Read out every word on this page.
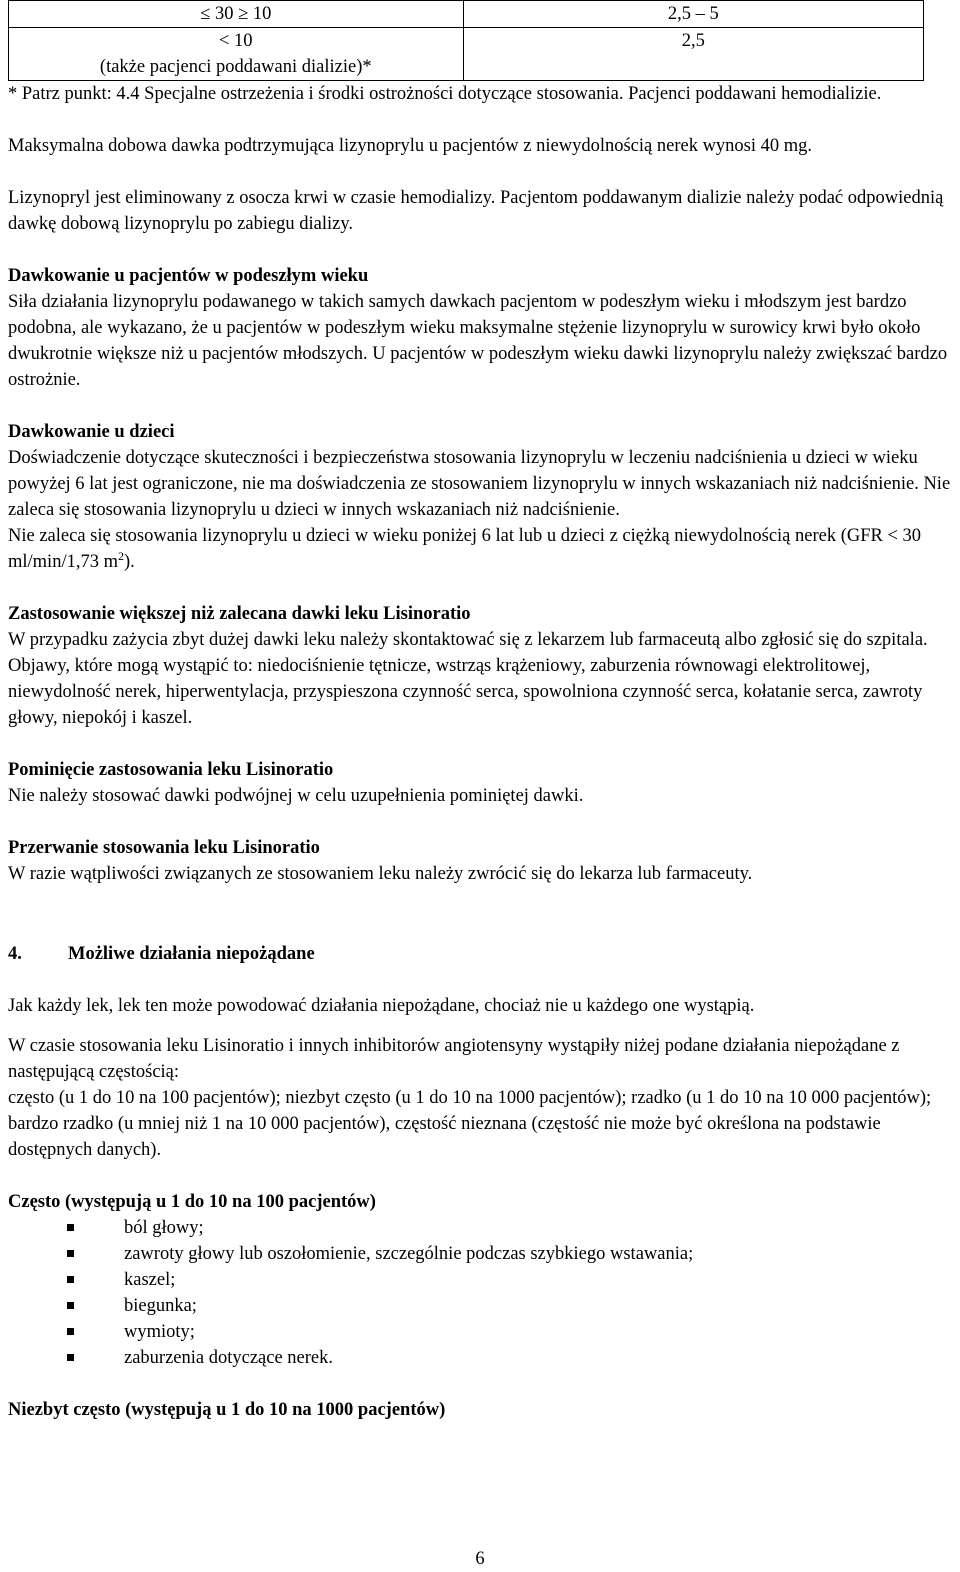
≤ 30 ≥ 10	2,5 – 5
< 10	2,5
(także pacjenci poddawani dializie)*	

* Patrz punkt: 4.4 Specjalne ostrzeżenia i środki ostrożności dotyczące stosowania. Pacjenci poddawani hemodializie.

Maksymalna dobowa dawka podtrzymująca lizynoprylu u pacjentów z niewydolnością nerek wynosi 40 mg.

Lizynopryl jest eliminowany z osocza krwi w czasie hemodializy. Pacjentom poddawanym dializie należy podać odpowiednią dawkę dobową lizynoprylu po zabiegu dializy.

Dawkowanie u pacjentów w podeszłym wieku

Siła działania lizynoprylu podawanego w takich samych dawkach pacjentom w podeszłym wieku i młodszym jest bardzo podobna, ale wykazano, że u pacjentów w podeszłym wieku maksymalne stężenie lizynoprylu w surowicy krwi było około dwukrotnie większe niż u pacjentów młodszych. U pacjentów w podeszłym wieku dawki lizynoprylu należy zwiększać bardzo ostrożnie.

Dawkowanie u dzieci

Doświadczenie dotyczące skuteczności i bezpieczeństwa stosowania lizynoprylu w leczeniu nadciśnienia u dzieci w wieku powyżej 6 lat jest ograniczone, nie ma doświadczenia ze stosowaniem lizynoprylu w innych wskazaniach niż nadciśnienie. Nie zaleca się stosowania lizynoprylu u dzieci w innych wskazaniach niż nadciśnienie.

Nie zaleca się stosowania lizynoprylu u dzieci w wieku poniżej 6 lat lub u dzieci z ciężką niewydolnością nerek (GFR < 30 ml/min/1,73 $m^2$).

Zastosowanie większej niż zalecana dawki leku Lisinoratio

W przypadku zażycia zbyt dużej dawki leku należy skontaktować się z lekarzem lub farmaceutą albo zgłosić się do szpitala. Objawy, które mogą wystąpić to: niedociśnienie tętnicze, wstrząs krążeniowy, zaburzenia równowagi elektrolitowej, niewydolność nerek, hiperwentylacja, przyspieszona czynność serca, spowolniona czynność serca, kołatanie serca, zawroty głowy, niepokój i kaszel.

Pominięcie zastosowania leku Lisinoratio

Nie należy stosować dawki podwójnej w celu uzupełnienia pominiętej dawki.

Przerwanie stosowania leku Lisinoratio

W razie wątpliwości związanych ze stosowaniem leku należy zwrócić się do lekarza lub farmaceuty.

4.	Możliwe działania niepożądane

Jak każdy lek, lek ten może powodować działania niepożądane, chociaż nie u każdego one wystąpią.

W czasie stosowania leku Lisinoratio i innych inhibitorów angiotensyny wystąpiły niżej podane działania niepożądane z następującą częstością:

często (u 1 do 10 na 100 pacjentów); niezbyt często (u 1 do 10 na 1000 pacjentów); rzadko (u 1 do 10 na 10 000 pacjentów); bardzo rzadko (u mniej niż 1 na 10 000 pacjentów), częstość nieznana (częstość nie może być określona na podstawie dostępnych danych).

Często (występują u 1 do 10 na 100 pacjentów)

ból głowy;
zawroty głowy lub oszołomienie, szczególnie podczas szybkiego wstawania;
kaszel;
biegunka;
wymioty;
zaburzenia dotyczące nerek.

Niezbyt często (występują u 1 do 10 na 1000 pacjentów)

6
